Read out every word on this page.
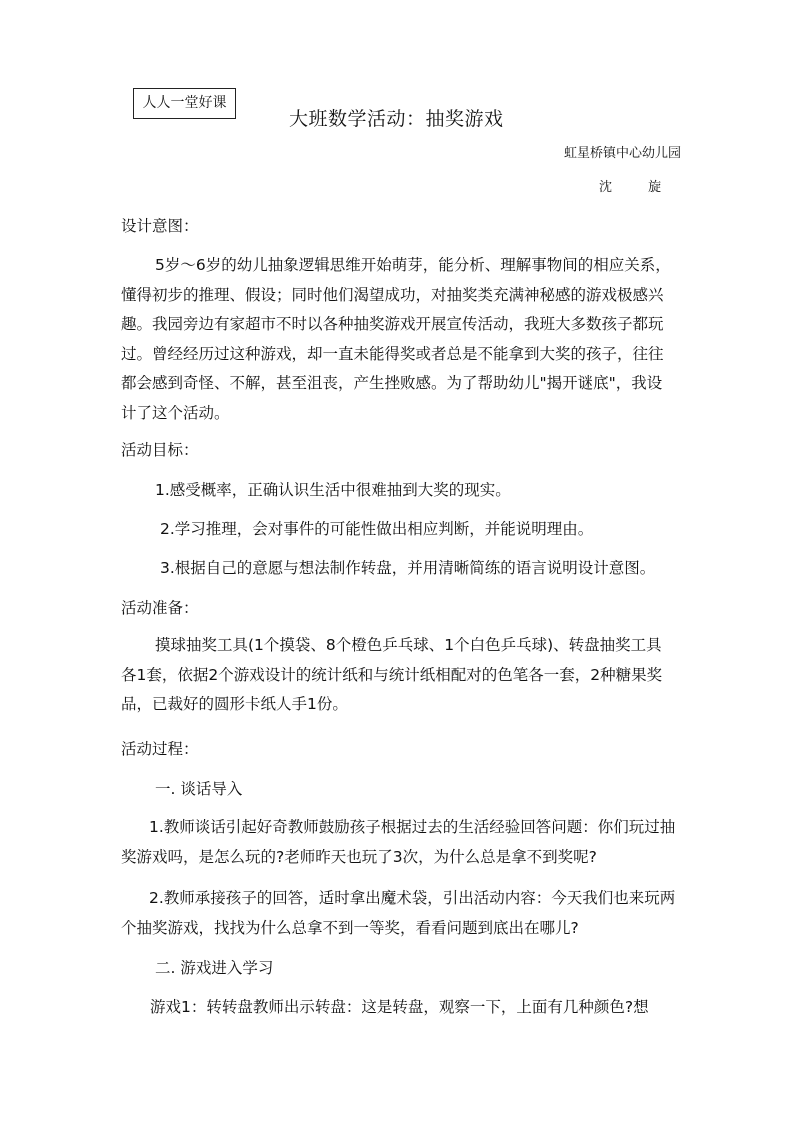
人人一堂好课
大班数学活动：抽奖游戏
虹星桥镇中心幼儿园
沈 旋
设计意图：
5岁～6岁的幼儿抽象逻辑思维开始萌芽，能分析、理解事物间的相应关系，懂得初步的推理、假设；同时他们渴望成功，对抽奖类充满神秘感的游戏极感兴趣。我园旁边有家超市不时以各种抽奖游戏开展宣传活动，我班大多数孩子都玩过。曾经经历过这种游戏，却一直未能得奖或者总是不能拿到大奖的孩子，往往都会感到奇怪、不解，甚至沮丧，产生挫败感。为了帮助幼儿"揭开谜底"，我设计了这个活动。
活动目标：
1.感受概率，正确认识生活中很难抽到大奖的现实。
2.学习推理，会对事件的可能性做出相应判断，并能说明理由。
3.根据自己的意愿与想法制作转盘，并用清晰简练的语言说明设计意图。
活动准备：
摸球抽奖工具(1个摸袋、8个橙色乒乓球、1个白色乒乓球)、转盘抽奖工具各1套，依据2个游戏设计的统计纸和与统计纸相配对的色笔各一套，2种糖果奖品，已裁好的圆形卡纸人手1份。
活动过程：
一. 谈话导入
1.教师谈话引起好奇教师鼓励孩子根据过去的生活经验回答问题：你们玩过抽奖游戏吗，是怎么玩的?老师昨天也玩了3次，为什么总是拿不到奖呢?
2.教师承接孩子的回答，适时拿出魔术袋，引出活动内容：今天我们也来玩两个抽奖游戏，找找为什么总拿不到一等奖，看看问题到底出在哪儿?
二. 游戏进入学习
游戏1：转转盘教师出示转盘：这是转盘，观察一下，上面有几种颜色?想
